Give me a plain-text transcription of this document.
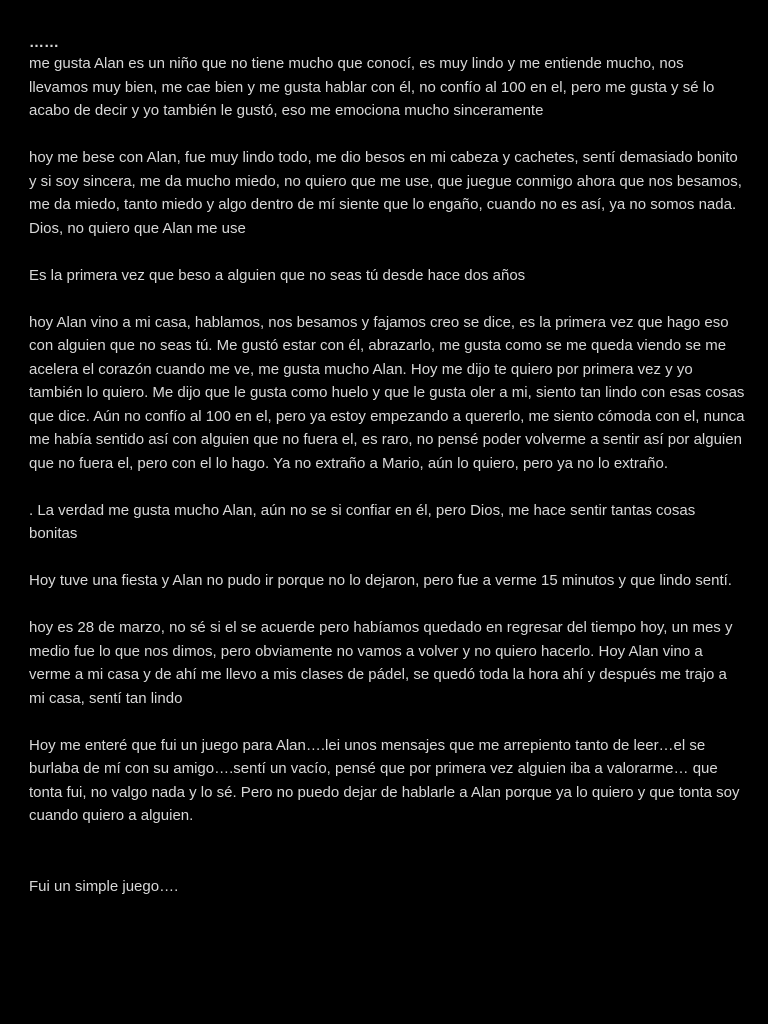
……

me gusta Alan es un niño que no tiene mucho que conocí, es muy lindo y me entiende mucho, nos llevamos muy bien, me cae bien y me gusta hablar con él, no confío al 100 en el, pero me gusta y sé lo acabo de decir y yo también le gustó, eso me emociona mucho sinceramente

hoy me bese con Alan, fue muy lindo todo, me dio besos en mi cabeza y cachetes, sentí demasiado bonito y si soy sincera, me da mucho miedo, no quiero que me use, que juegue conmigo ahora que nos besamos, me da miedo, tanto miedo y algo dentro de mí siente que lo engaño, cuando no es así, ya no somos nada. Dios, no quiero que Alan me use

Es la primera vez que beso a alguien que no seas tú desde hace dos años

hoy Alan vino a mi casa, hablamos, nos besamos y fajamos creo se dice, es la primera vez que hago eso con alguien que no seas tú. Me gustó estar con él, abrazarlo, me gusta como se me queda viendo se me acelera el corazón cuando me ve, me gusta mucho Alan. Hoy me dijo te quiero por primera vez y yo también lo quiero. Me dijo que le gusta como huelo y que le gusta oler a mi, siento tan lindo con esas cosas que dice. Aún no confío al 100 en el, pero ya estoy empezando a quererlo, me siento cómoda con el, nunca me había sentido así con alguien que no fuera el, es raro, no pensé poder volverme a sentir así por alguien que no fuera el, pero con el lo hago. Ya no extraño a Mario, aún lo quiero, pero ya no lo extraño.

. La verdad me gusta mucho Alan, aún no se si confiar en él, pero Dios, me hace sentir tantas cosas bonitas

Hoy tuve una fiesta y Alan no pudo ir porque no lo dejaron, pero fue a verme 15 minutos y que lindo sentí.

hoy es 28 de marzo, no sé si el se acuerde pero habíamos quedado en regresar del tiempo hoy, un mes y medio fue lo que nos dimos, pero obviamente no vamos a volver y no quiero hacerlo. Hoy Alan vino a verme a mi casa y de ahí me llevo a mis clases de pádel, se quedó toda la hora ahí y después me trajo a mi casa, sentí tan lindo

Hoy me enteré que fui un juego para Alan….lei unos mensajes que me arrepiento tanto de leer…el se burlaba de mí con su amigo….sentí un vacío, pensé que por primera vez alguien iba a valorarme… que tonta fui, no valgo nada y lo sé. Pero no puedo dejar de hablarle a Alan porque ya lo quiero y que tonta soy cuando quiero a alguien.

Fui un simple juego….
